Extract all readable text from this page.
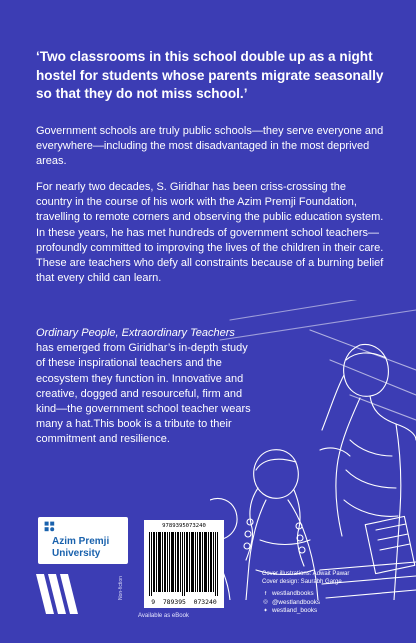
‘Two classrooms in this school double up as a night hostel for students whose parents migrate seasonally so that they do not miss school.’

Government schools are truly public schools—they serve everyone and everywhere—including the most disadvantaged in the most deprived areas.

For nearly two decades, S. Giridhar has been criss-crossing the country in the course of his work with the Azim Premji Foundation, travelling to remote corners and observing the public education system. In these years, he has met hundreds of government school teachers—profoundly committed to improving the lives of the children in their care. These are teachers who defy all constraints because of a burning belief that every child can learn.

Ordinary People, Extraordinary Teachers has emerged from Giridhar’s in-depth study of these inspirational teachers and the ecosystem they function in. Innovative and creative, dogged and resourceful, firm and kind—the government school teacher wears many a hat.This book is a tribute to their commitment and resilience.

Azim Premji University
Non-fiction
9789395073240
9  789395  073240
Available as eBook
Cover illustrations: Adwait Pawar
Cover design: Saurabh Garge
f westlandbooks
◎ @westlandbooks
✦ westland_books
